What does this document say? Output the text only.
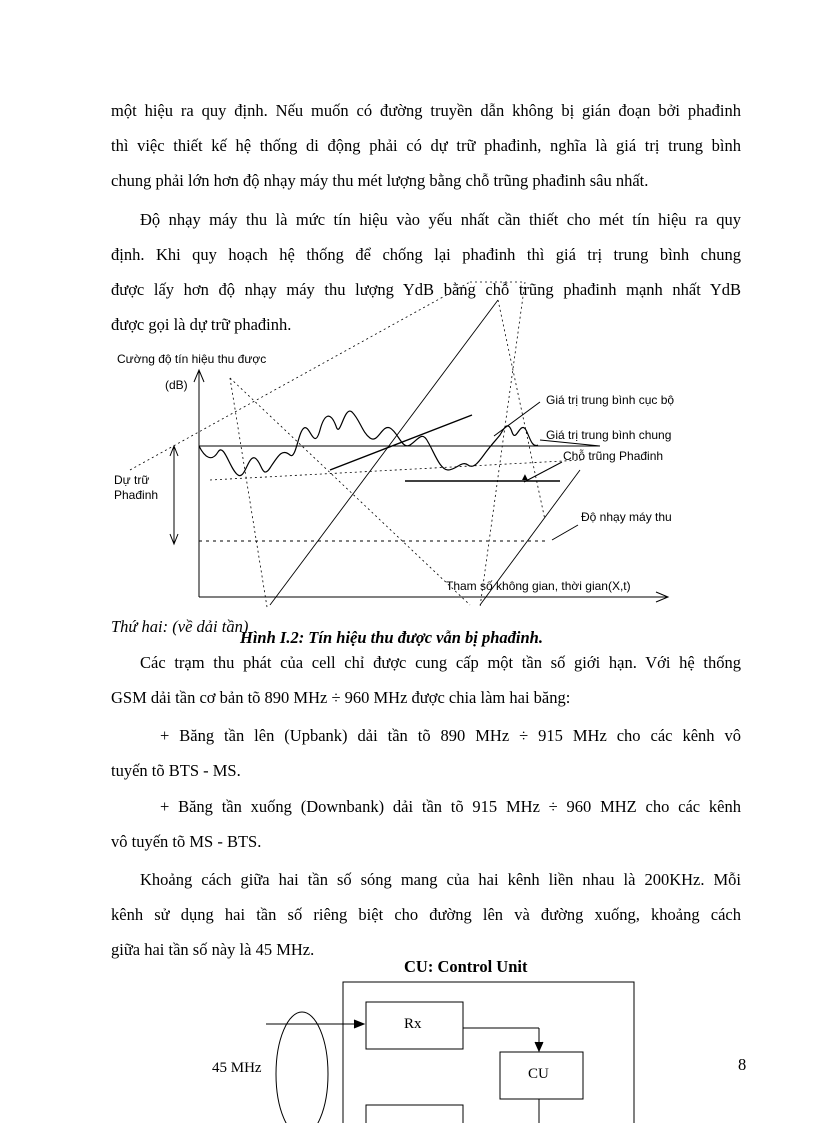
một hiệu ra quy định. Nếu muốn có đường truyền dẫn không bị gián đoạn bởi phađinh
thì việc thiết kế hệ thống di động phải có dự trữ phađinh, nghĩa là giá trị trung bình
chung phải lớn hơn độ nhạy máy thu mét lượng bằng chỗ trũng phađinh sâu nhất.
Độ nhạy máy thu là mức tín hiệu vào yếu nhất cần thiết cho mét tín hiệu ra quy
định. Khi quy hoạch hệ thống để chống lại phađinh thì giá trị trung bình chung
được lấy hơn độ nhạy máy thu lượng YdB bằng chỗ trũng phađinh mạnh nhất YdB
được gọi là dự trữ phađinh.
▲
Cường độ tín hiệu thu được
(dB)
Dự trữ
Phađinh
Giá trị trung bình cục bộ
Giá trị trung bình chung
Chỗ trũng Phađinh
Độ nhạy máy thu
Tham số không gian, thời gian(X,t)
Thứ hai: (về dải tần)
Hình I.2: Tín hiệu thu được vẫn bị phađinh.
Các trạm thu phát của cell chỉ được cung cấp một tần số giới hạn. Với hệ thống
GSM dải tần cơ bản tõ 890 MHz ÷ 960 MHz được chia làm hai băng:
+ Băng tần lên (Upbank) dải tần tõ 890 MHz ÷ 915 MHz cho các kênh vô
tuyến tõ BTS - MS.
+ Băng tần xuống (Downbank) dải tần tõ 915 MHz ÷ 960 MHZ cho các kênh
vô tuyến tõ MS - BTS.
Khoảng cách giữa hai tần số sóng mang của hai kênh liền nhau là 200KHz. Mỗi
kênh sử dụng hai tần số riêng biệt cho đường lên và đường xuống, khoảng cách
giữa hai tần số này là 45 MHz.
CU: Control Unit
Rx
CU
45 MHz	8
